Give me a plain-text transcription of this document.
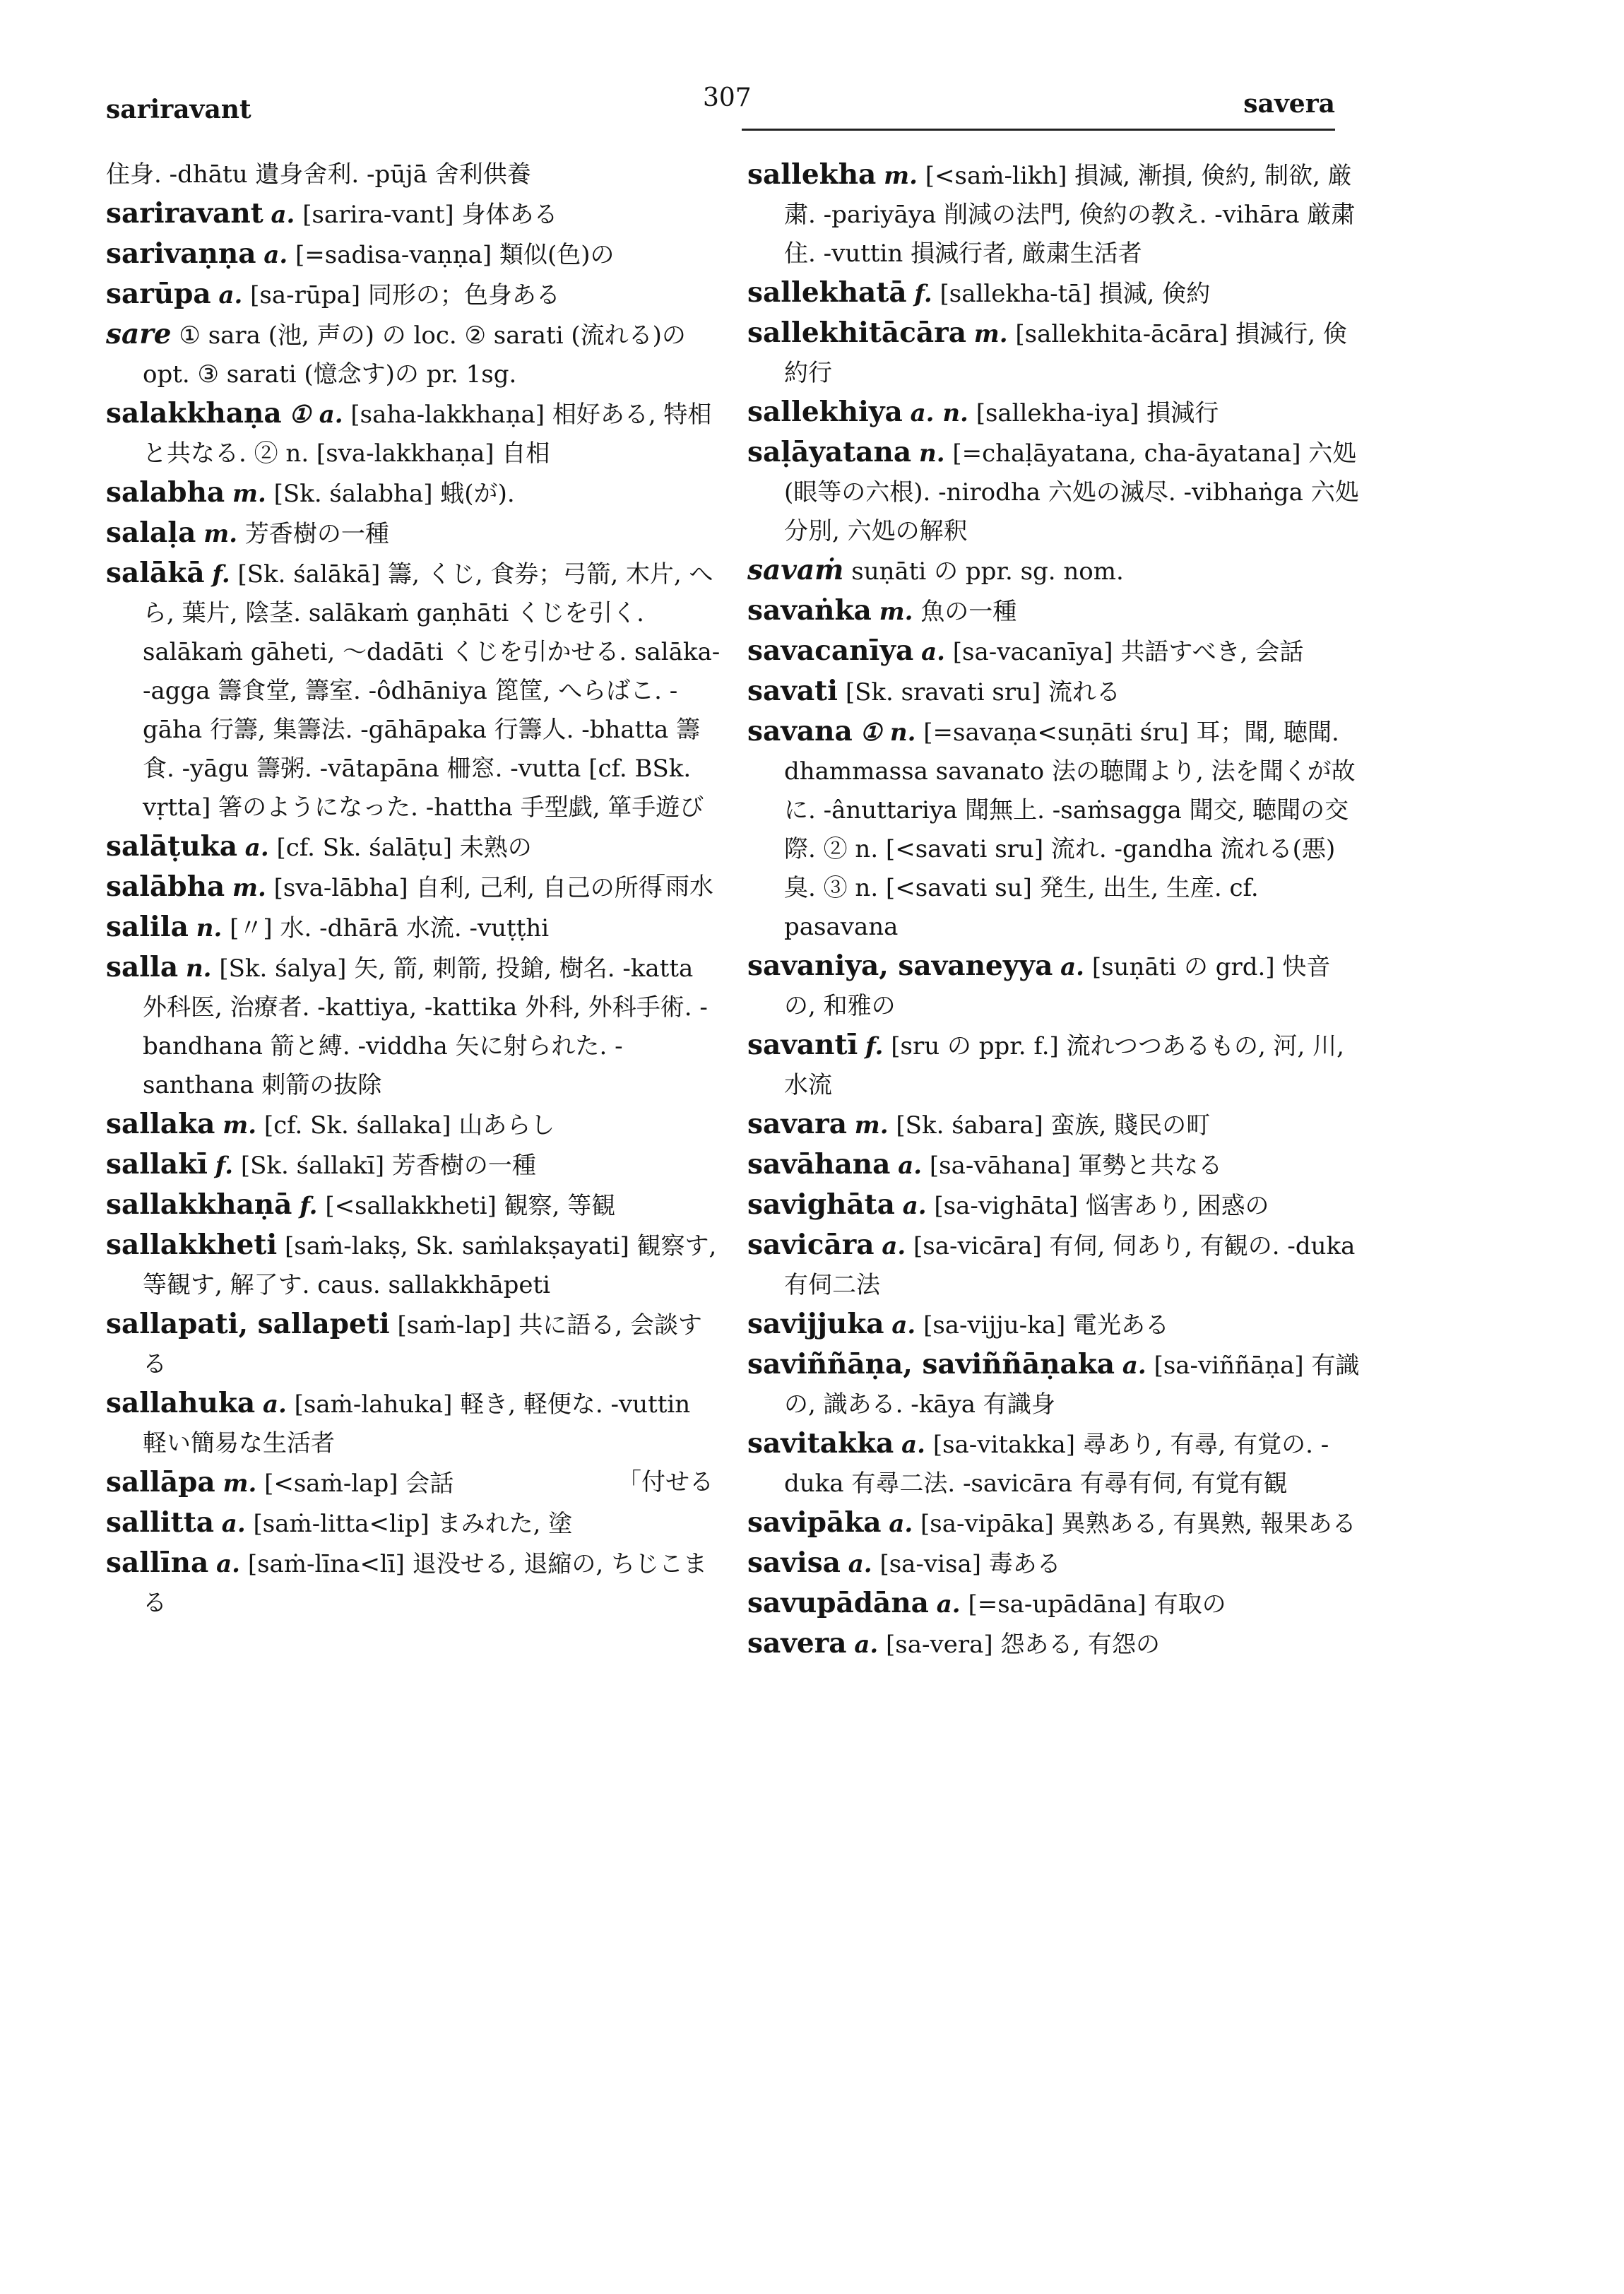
sariravant	307	savera

住身. -dhātu 遺身舍利. -pūjā 舍利供養

sariravant a. [sarira-vant] 身体ある

sarivaṇṇa a. [=sadisa-vaṇṇa] 類似(色)の

sarūpa a. [sa-rūpa] 同形の；色身ある

sare ① sara (池, 声の) の loc. ② sarati (流れる)の opt. ③ sarati (憶念す)の pr. 1sg.

salakkhaṇa ① a. [saha-lakkhaṇa] 相好ある, 特相と共なる. ② n. [sva-lakkhaṇa] 自相

salabha m. [Sk. śalabha] 蛾(が).

salaḷa m. 芳香樹の一種

salākā f. [Sk. śalākā] 籌, くじ, 食券；弓箭, 木片, へら, 葉片, 陰茎. salākaṁ gaṇhāti くじを引く. salākaṁ gāheti, ～dadāti くじを引かせる. salāka--agga 籌食堂, 籌室. -ôdhāniya 箆筐, へらばこ. -gāha 行籌, 集籌法. -gāhāpaka 行籌人. -bhatta 籌食. -yāgu 籌粥. -vātapāna 柵窓. -vutta [cf. BSk. vṛtta] 箸のようになった. -hattha 手型戯, 箪手遊び

salāṭuka a. [cf. Sk. śalāṭu] 未熟の

salābha m. [sva-lābha] 自利, 己利, 自己の所得
「雨水

salila n. [〃] 水. -dhārā 水流. -vuṭṭhi

salla n. [Sk. śalya] 矢, 箭, 刺箭, 投鎗, 樹名. -katta 外科医, 治療者. -kattiya, -kattika 外科, 外科手術. -bandhana 箭と縛. -viddha 矢に射られた. -santhana 刺箭の抜除

sallaka m. [cf. Sk. śallaka] 山あらし

sallakī f. [Sk. śallakī] 芳香樹の一種

sallakkhaṇā f. [<sallakkheti] 観察, 等観

sallakkheti [saṁ-lakṣ, Sk. saṁlakṣayati] 観察す, 等観す, 解了す. caus. sallakkhāpeti

sallapati, sallapeti [saṁ-lap] 共に語る, 会談する

sallahuka a. [saṁ-lahuka] 軽き, 軽便な. -vuttin 軽い簡易な生活者

sallāpa m. [<saṁ-lap] 会話	「付せる

sallitta a. [saṁ-litta<lip] まみれた, 塗

sallīna a. [saṁ-līna<lī] 退没せる, 退縮の, ちじこまる

sallekha m. [<saṁ-likh] 損減, 漸損, 倹約, 制欲, 厳粛. -pariyāya 削減の法門, 倹約の教え. -vihāra 厳粛住. -vuttin 損減行者, 厳粛生活者

sallekhatā f. [sallekha-tā] 損減, 倹約

sallekhitācāra m. [sallekhita-ācāra] 損減行, 倹約行

sallekhiya a. n. [sallekha-iya] 損減行

saḷāyatana n. [=chaḷāyatana, cha-āyatana] 六処(眼等の六根). -nirodha 六処の滅尽. -vibhaṅga 六処分別, 六処の解釈

savaṁ suṇāti の ppr. sg. nom.

savaṅka m. 魚の一種

savacanīya a. [sa-vacanīya] 共語すべき, 会話

savati [Sk. sravati sru] 流れる

savana ① n. [=savaṇa<suṇāti śru] 耳；聞, 聴聞. dhammassa savanato 法の聴聞より, 法を聞くが故に. -ânuttariya 聞無上. -saṁsagga 聞交, 聴聞の交際. ② n. [<savati sru] 流れ. -gandha 流れる(悪)臭. ③ n. [<savati su] 発生, 出生, 生産. cf. pasavana

savaniya, savaneyya a. [suṇāti の grd.] 快音の, 和雅の

savantī f. [sru の ppr. f.] 流れつつあるもの, 河, 川, 水流

savara m. [Sk. śabara] 蛮族, 賤民の町

savāhana a. [sa-vāhana] 軍勢と共なる

savighāta a. [sa-vighāta] 悩害あり, 困惑の

savicāra a. [sa-vicāra] 有伺, 伺あり, 有観の. -duka 有伺二法

savijjuka a. [sa-vijju-ka] 電光ある

saviññāṇa, saviññāṇaka a. [sa-viññāṇa] 有識の, 識ある. -kāya 有識身

savitakka a. [sa-vitakka] 尋あり, 有尋, 有覚の. -duka 有尋二法. -savicāra 有尋有伺, 有覚有観

savipāka a. [sa-vipāka] 異熟ある, 有異熟, 報果ある

savisa a. [sa-visa] 毒ある

savupādāna a. [=sa-upādāna] 有取の

savera a. [sa-vera] 怨ある, 有怨の
